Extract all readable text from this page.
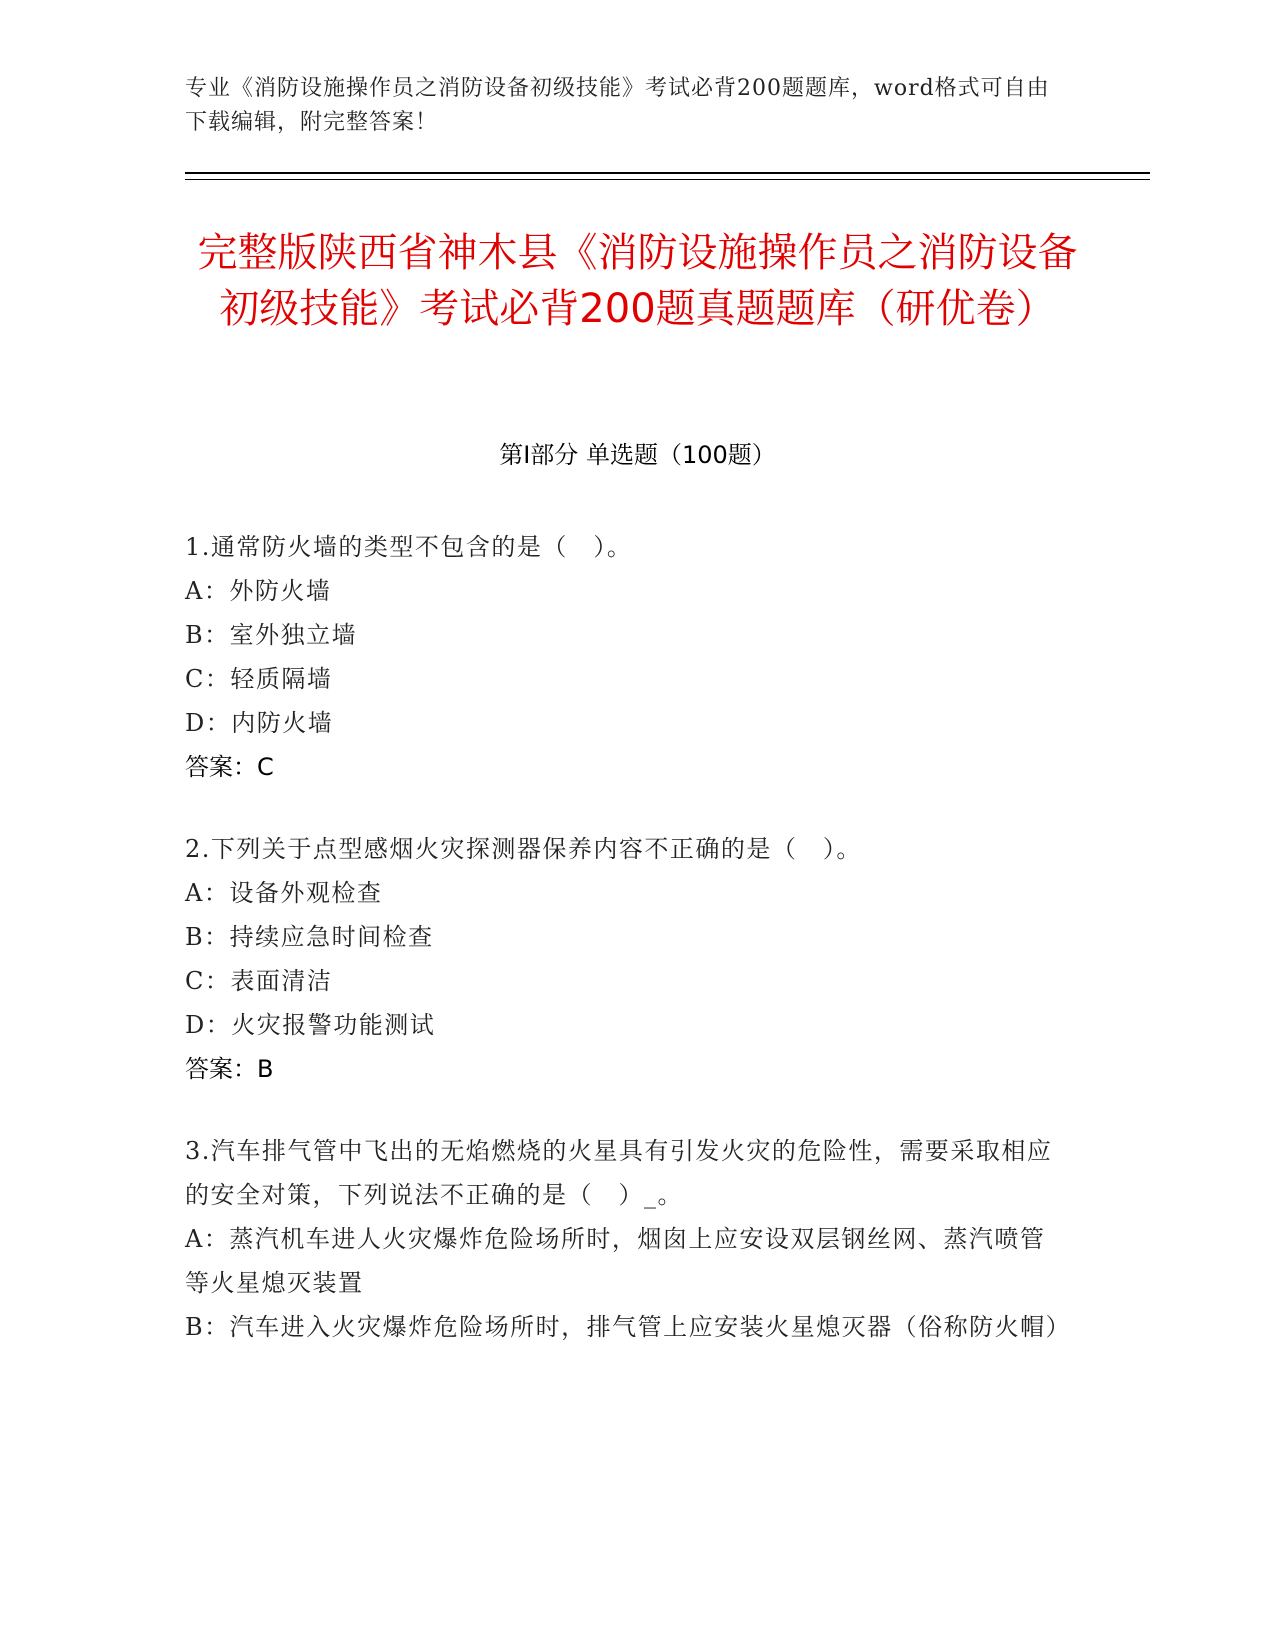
专业《消防设施操作员之消防设备初级技能》考试必背200题题库，word格式可自由下载编辑，附完整答案！
完整版陕西省神木县《消防设施操作员之消防设备初级技能》考试必背200题真题题库（研优卷）
第Ⅰ部分 单选题（100题）

1.通常防火墙的类型不包含的是（　）。

A：外防火墙

B：室外独立墙

C：轻质隔墙

D：内防火墙

答案：C

2.下列关于点型感烟火灾探测器保养内容不正确的是（　）。

A：设备外观检查

B：持续应急时间检查

C：表面清洁

D：火灾报警功能测试

答案：B

3.汽车排气管中飞出的无焰燃烧的火星具有引发火灾的危险性，需要采取相应的安全对策，下列说法不正确的是（　）_。

A：蒸汽机车进人火灾爆炸危险场所时，烟囱上应安设双层钢丝网、蒸汽喷管等火星熄灭装置

B：汽车进入火灾爆炸危险场所时，排气管上应安装火星熄灭器（俗称防火帽）
